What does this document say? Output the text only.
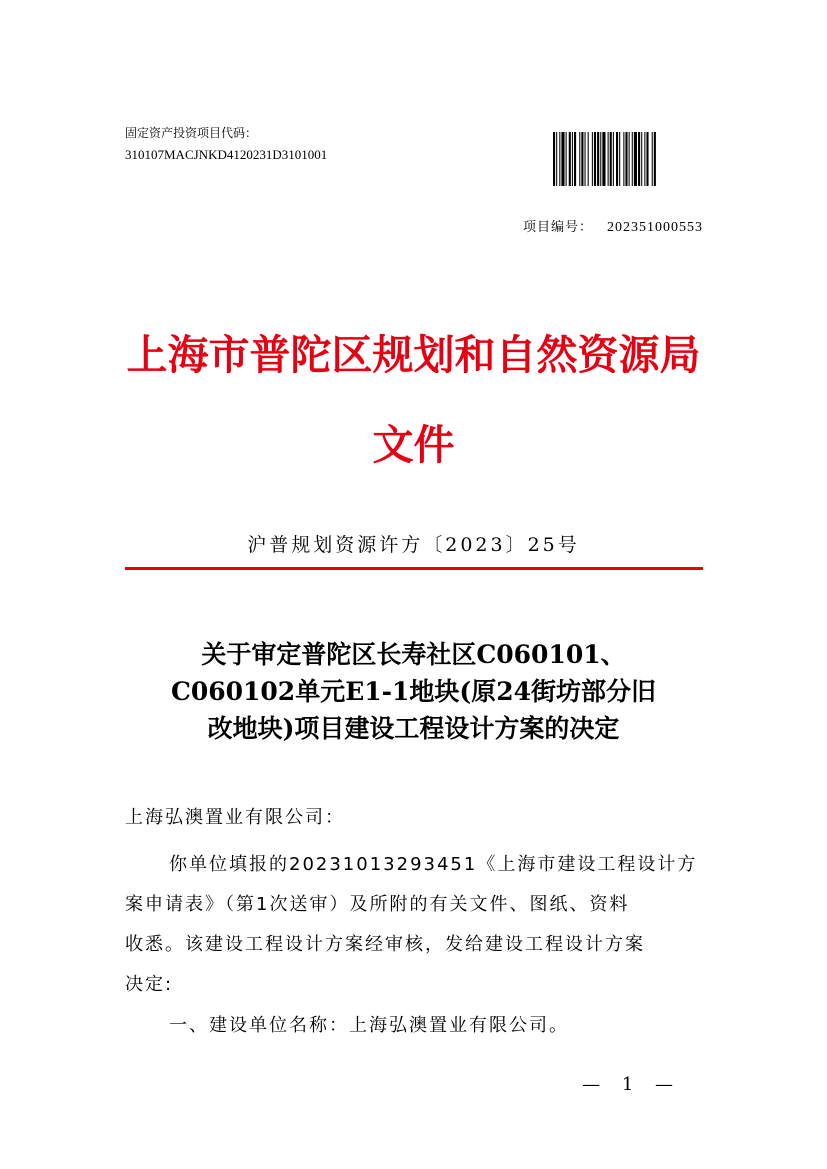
固定资产投资项目代码：
310107MACJNKD4120231D3101001
项目编号： 202351000553
上海市普陀区规划和自然资源局
文件
沪普规划资源许方〔2023〕25号
关于审定普陀区长寿社区C060101、
C060102单元E1-1地块(原24街坊部分旧
改地块)项目建设工程设计方案的决定
上海弘澳置业有限公司：
你单位填报的20231013293451《上海市建设工程设计方
案申请表》（第1次送审）及所附的有关文件、图纸、资料
收悉。该建设工程设计方案经审核，发给建设工程设计方案
决定:
一、建设单位名称：上海弘澳置业有限公司。
— 1 —
